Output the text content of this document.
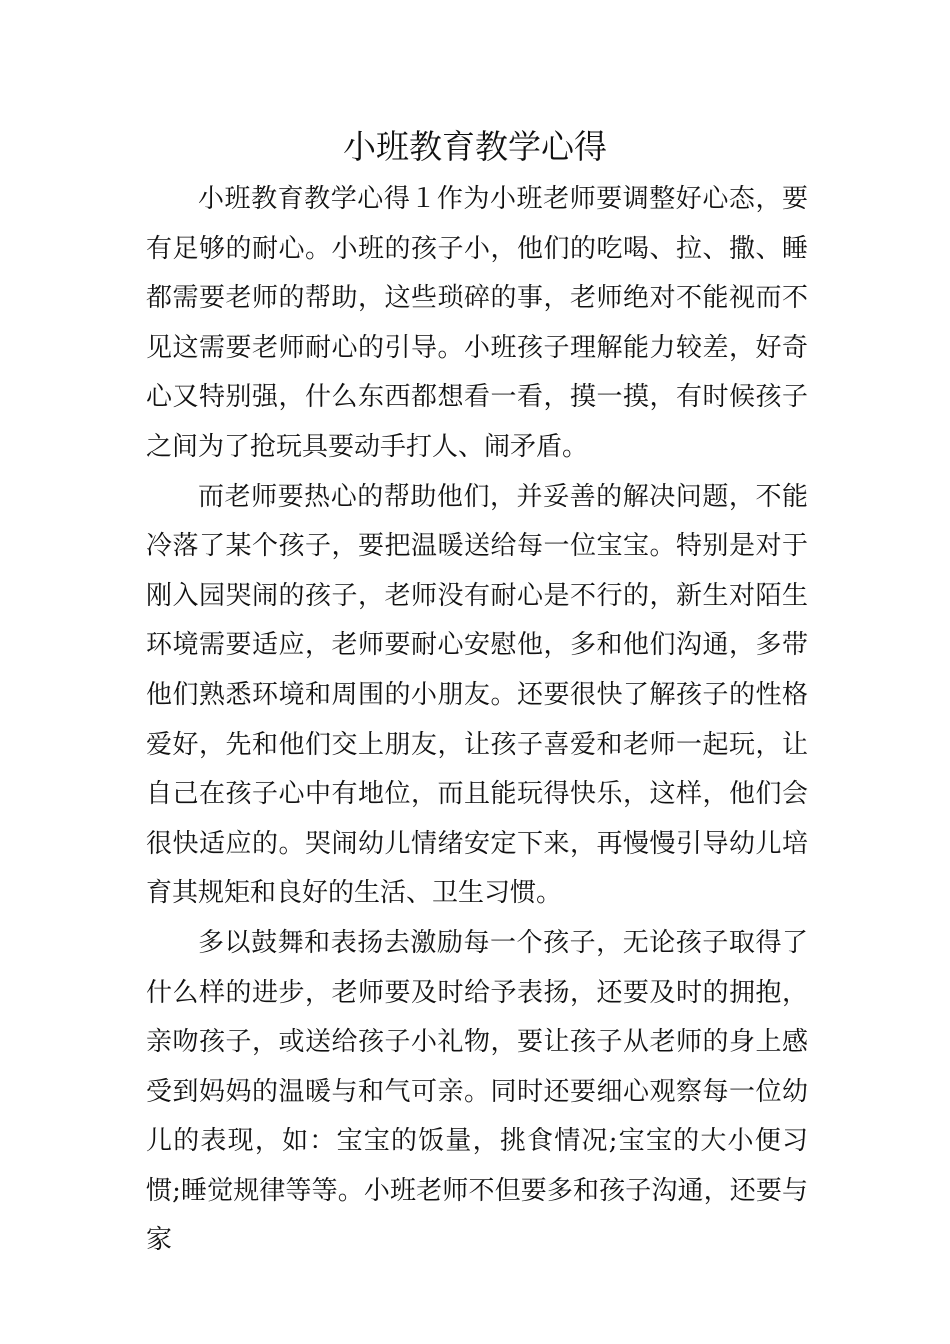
小班教育教学心得

小班教育教学心得１作为小班老师要调整好心态，要有足够的耐心。小班的孩子小，他们的吃喝、拉、撒、睡都需要老师的帮助，这些琐碎的事，老师绝对不能视而不见这需要老师耐心的引导。小班孩子理解能力较差，好奇心又特别强，什么东西都想看一看，摸一摸，有时候孩子之间为了抢玩具要动手打人、闹矛盾。

而老师要热心的帮助他们，并妥善的解决问题，不能冷落了某个孩子，要把温暖送给每一位宝宝。特别是对于刚入园哭闹的孩子，老师没有耐心是不行的，新生对陌生环境需要适应，老师要耐心安慰他，多和他们沟通，多带他们熟悉环境和周围的小朋友。还要很快了解孩子的性格爱好，先和他们交上朋友，让孩子喜爱和老师一起玩，让自己在孩子心中有地位，而且能玩得快乐，这样，他们会很快适应的。哭闹幼儿情绪安定下来，再慢慢引导幼儿培育其规矩和良好的生活、卫生习惯。

多以鼓舞和表扬去激励每一个孩子，无论孩子取得了什么样的进步，老师要及时给予表扬，还要及时的拥抱，亲吻孩子，或送给孩子小礼物，要让孩子从老师的身上感受到妈妈的温暖与和气可亲。同时还要细心观察每一位幼儿的表现，如：宝宝的饭量，挑食情况;宝宝的大小便习惯;睡觉规律等等。小班老师不但要多和孩子沟通，还要与家
